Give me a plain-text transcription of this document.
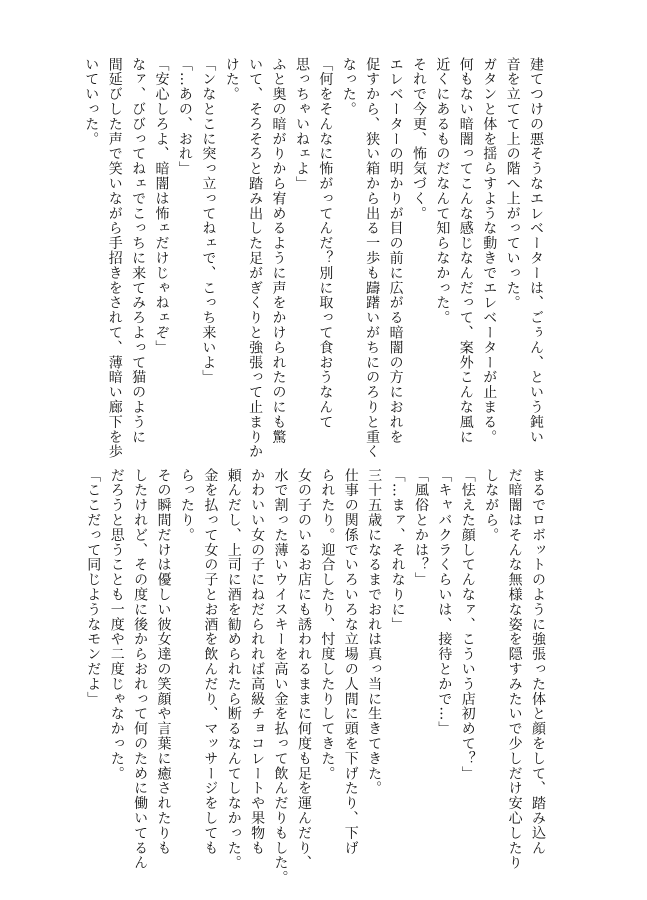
建てつけの悪そうなエレベーターは、ごぅん、という鈍い

音を立てて上の階へ上がっていった。

ガタンと体を揺らすような動きでエレベーターが止まる。

何もない暗闇ってこんな感じなんだって、案外こんな風に

近くにあるものだなんて知らなかった。

それで今更、怖気づく。

エレベーターの明かりが目の前に広がる暗闇の方におれを

促すから、狭い箱から出る一歩も躊躇いがちにのろりと重く

なった。

「何をそんなに怖がってんだ？別に取って食おうなんて

思っちゃいねェよ」

ふと奥の暗がりから宥めるように声をかけられたのにも驚

いて、そろそろと踏み出した足がぎくりと強張って止まりか

けた。

「ンなとこに突っ立ってねェで、こっち来いよ」

「…あの、おれ」

「安心しろよ、暗闇は怖ェだけじゃねェぞ」

なァ、びびってねェでこっちに来てみろよって猫のように

間延びした声で笑いながら手招きをされて、薄暗い廊下を歩

いていった。

まるでロボットのように強張った体と顔をして、踏み込ん

だ暗闇はそんな無様な姿を隠すみたいで少しだけ安心したり

しながら。

「怯えた顔してんなァ、こういう店初めて？」

「キャバクラくらいは、接待とかで…」

「風俗とかは？」

「…まァ、それなりに」

三十五歳になるまでおれは真っ当に生きてきた。

仕事の関係でいろいろな立場の人間に頭を下げたり、下げ

られたり。迎合したり、忖度したりしてきた。

女の子のいるお店にも誘われるままに何度も足を運んだり、

水で割った薄いウイスキーを高い金を払って飲んだりもした。

かわいい女の子にねだられれば高級チョコレートや果物も

頼んだし、上司に酒を勧められたら断るなんてしなかった。

金を払って女の子とお酒を飲んだり、マッサージをしても

らったり。

その瞬間だけは優しい彼女達の笑顔や言葉に癒されたりも

したけれど、その度に後からおれって何のために働いてるん

だろうと思うことも一度や二度じゃなかった。

「ここだって同じようなモンだよ」
